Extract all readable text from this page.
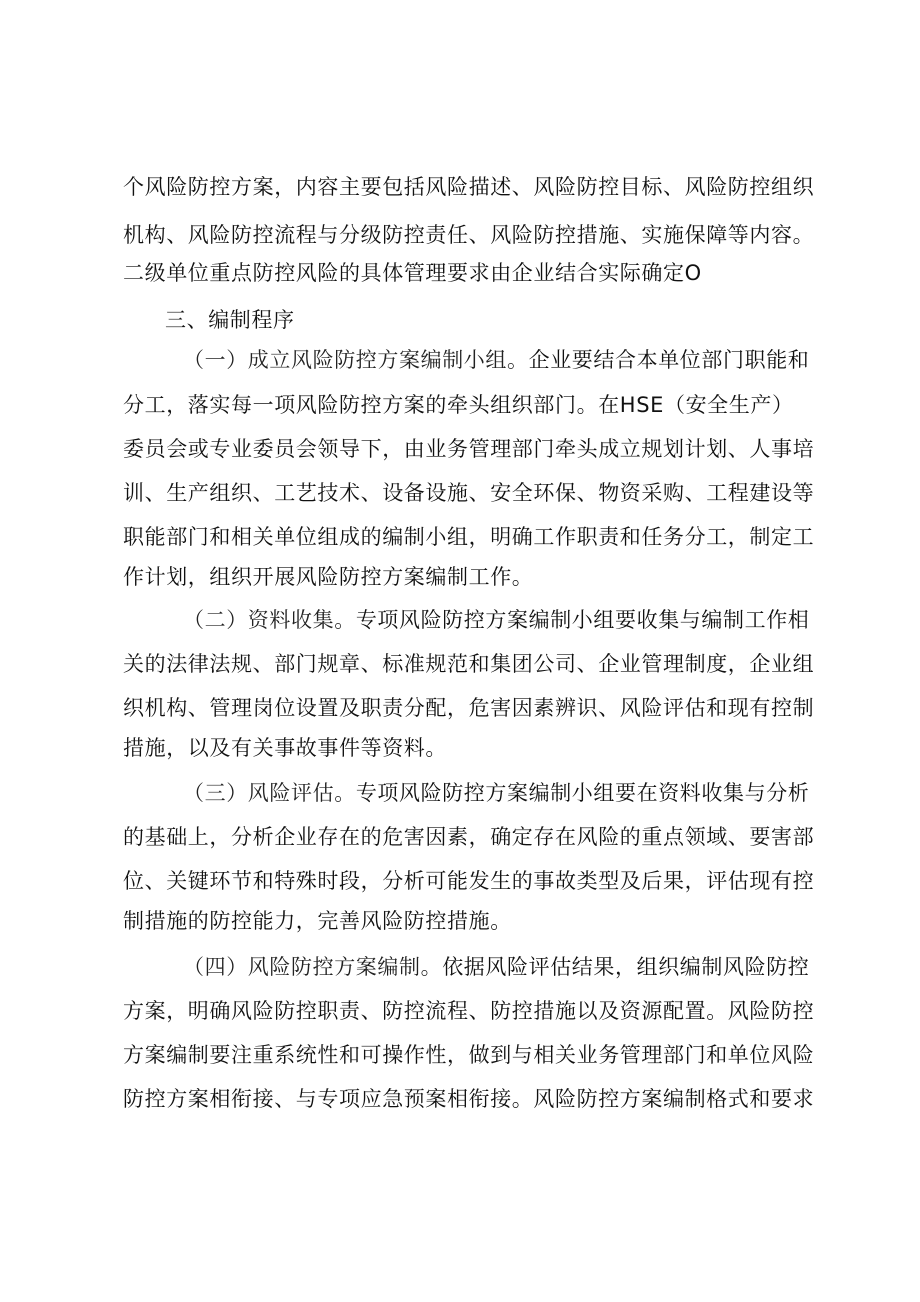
个风险防控方案，内容主要包括风险描述、风险防控目标、风险防控组织
机构、风险防控流程与分级防控责任、风险防控措施、实施保障等内容。
二级单位重点防控风险的具体管理要求由企业结合实际确定O
三、编制程序
（一）成立风险防控方案编制小组。企业要结合本单位部门职能和
分工，落实每一项风险防控方案的牵头组织部门。在HSE（安全生产）
委员会或专业委员会领导下，由业务管理部门牵头成立规划计划、人事培
训、生产组织、工艺技术、设备设施、安全环保、物资采购、工程建设等
职能部门和相关单位组成的编制小组，明确工作职责和任务分工，制定工
作计划，组织开展风险防控方案编制工作。
（二）资料收集。专项风险防控方案编制小组要收集与编制工作相
关的法律法规、部门规章、标准规范和集团公司、企业管理制度，企业组
织机构、管理岗位设置及职责分配，危害因素辨识、风险评估和现有控制
措施，以及有关事故事件等资料。
（三）风险评估。专项风险防控方案编制小组要在资料收集与分析
的基础上，分析企业存在的危害因素，确定存在风险的重点领域、要害部
位、关键环节和特殊时段，分析可能发生的事故类型及后果，评估现有控
制措施的防控能力，完善风险防控措施。
（四）风险防控方案编制。依据风险评估结果，组织编制风险防控
方案，明确风险防控职责、防控流程、防控措施以及资源配置。风险防控
方案编制要注重系统性和可操作性，做到与相关业务管理部门和单位风险
防控方案相衔接、与专项应急预案相衔接。风险防控方案编制格式和要求
